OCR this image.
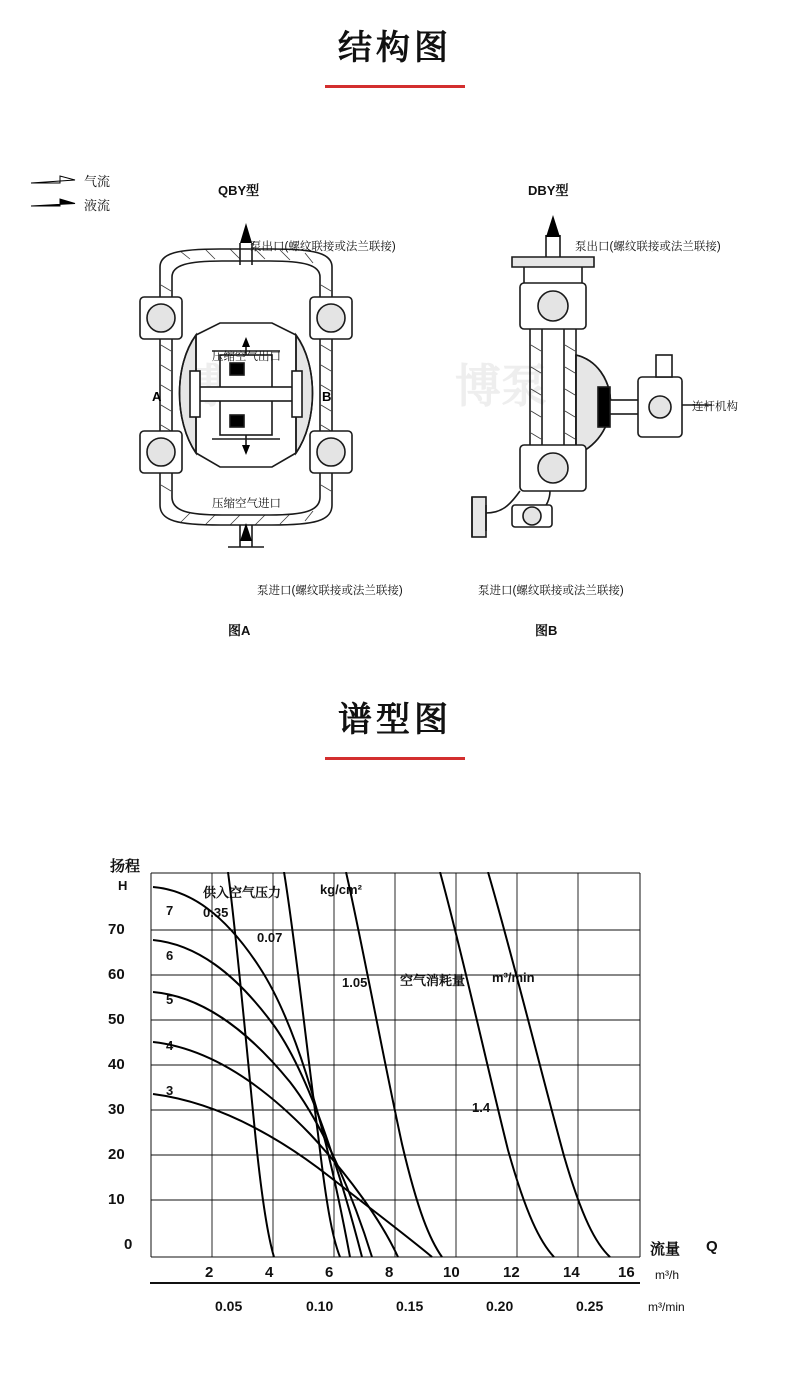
结构图
气流
液流
QBY型	DBY型
博泵
A	B
泵出口(螺纹联接或法兰联接)
压缩空气出口
压缩空气进口
泵进口(螺纹联接或法兰联接)
图A
泵出口(螺纹联接或法兰联接)
连杆机构
泵进口(螺纹联接或法兰联接)
图B
谱型图
扬程
H
流量 Q
70
60
50
40
30
20
10
0
2	4	6	8	10	12	14	16 m³/h
0.05	0.10	0.15	0.20	0.25	m³/min
供入空气压力	kg/cm²
空气消耗量 m³/min
0.35
0.07
1.05
1.4
7
6
5
4
3
